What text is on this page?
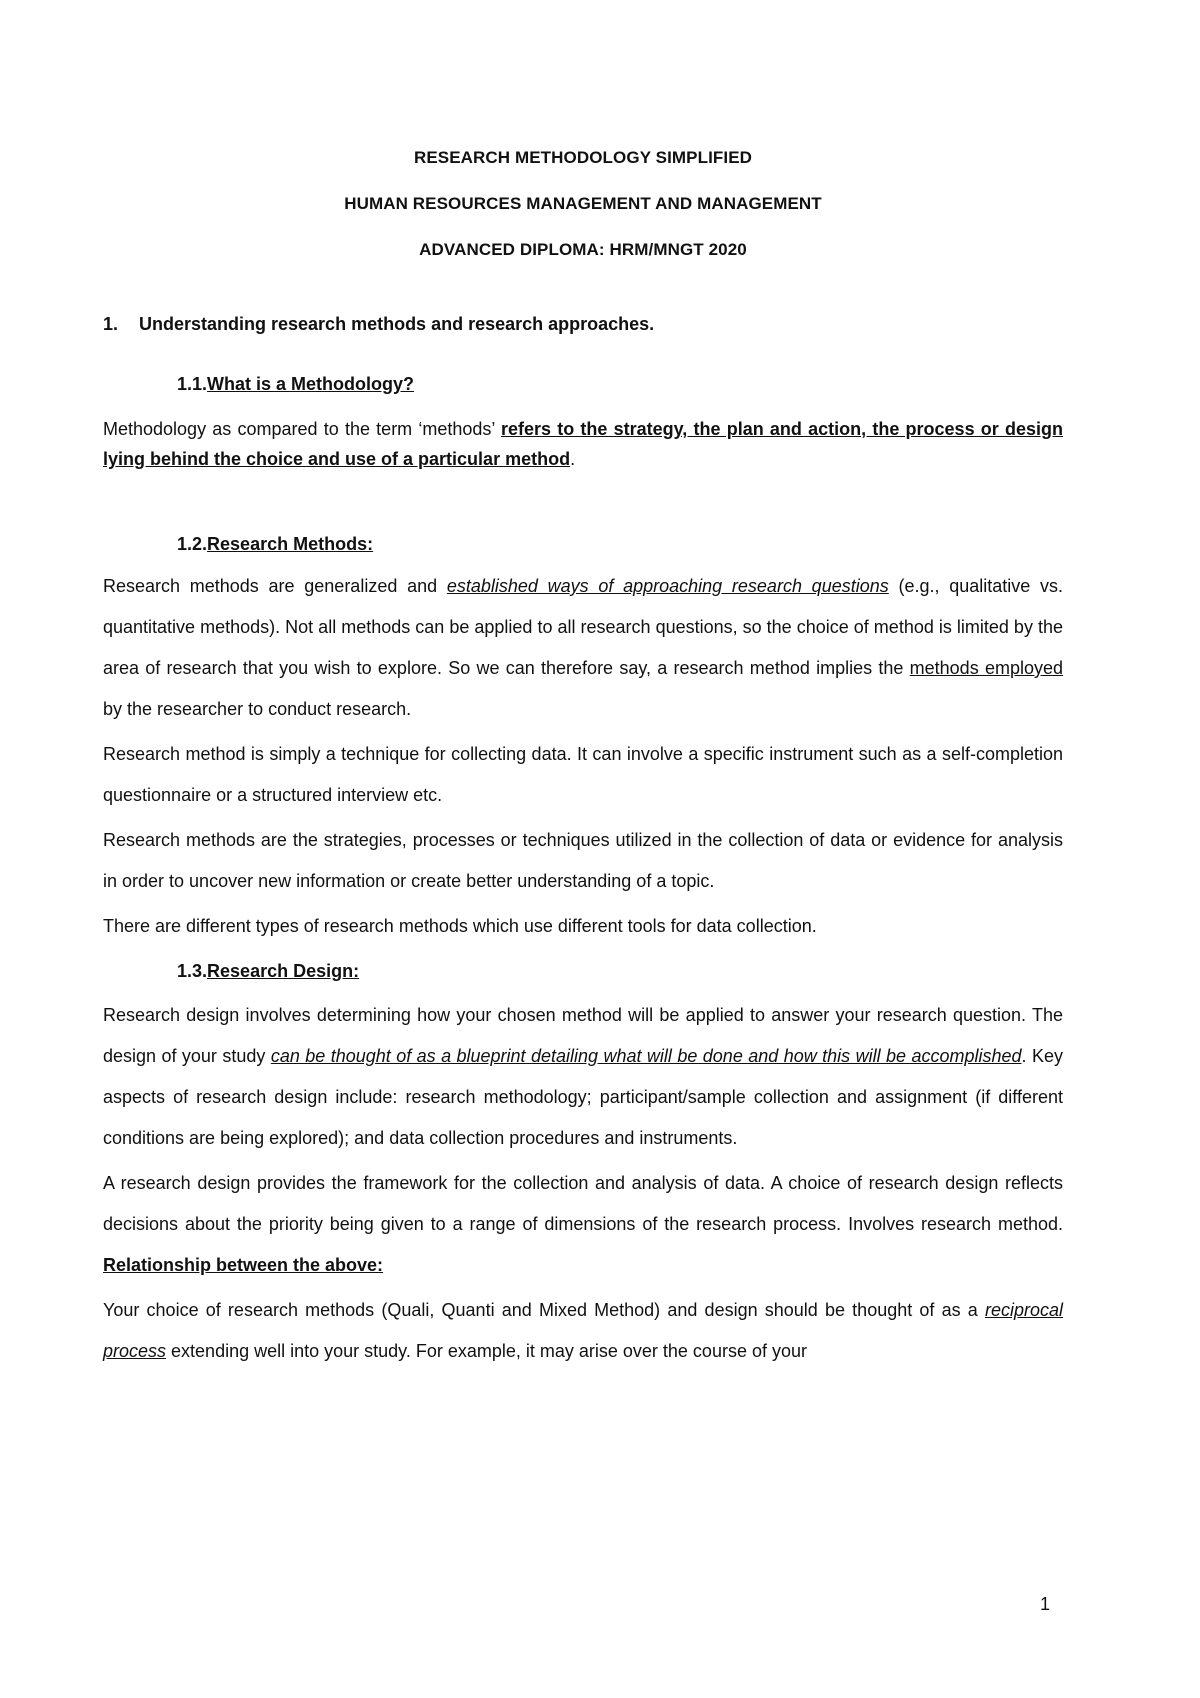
RESEARCH METHODOLOGY SIMPLIFIED
HUMAN RESOURCES MANAGEMENT AND MANAGEMENT
ADVANCED DIPLOMA: HRM/MNGT 2020
1.	Understanding research methods and research approaches.
1.1.What is a Methodology?

Methodology as compared to the term ‘methods’ refers to the strategy, the plan and action, the process or design lying behind the choice and use of a particular method.

1.2.Research Methods:

Research methods are generalized and established ways of approaching research questions (e.g., qualitative vs. quantitative methods). Not all methods can be applied to all research questions, so the choice of method is limited by the area of research that you wish to explore. So we can therefore say, a research method implies the methods employed by the researcher to conduct research.

Research method is simply a technique for collecting data. It can involve a specific instrument such as a self-completion questionnaire or a structured interview etc.

Research methods are the strategies, processes or techniques utilized in the collection of data or evidence for analysis in order to uncover new information or create better understanding of a topic.

There are different types of research methods which use different tools for data collection.

1.3.Research Design:

Research design involves determining how your chosen method will be applied to answer your research question. The design of your study can be thought of as a blueprint detailing what will be done and how this will be accomplished. Key aspects of research design include: research methodology; participant/sample collection and assignment (if different conditions are being explored); and data collection procedures and instruments.

A research design provides the framework for the collection and analysis of data. A choice of research design reflects decisions about the priority being given to a range of dimensions of the research process. Involves research method. Relationship between the above:

Your choice of research methods (Quali, Quanti and Mixed Method) and design should be thought of as a reciprocal process extending well into your study. For example, it may arise over the course of your

1
